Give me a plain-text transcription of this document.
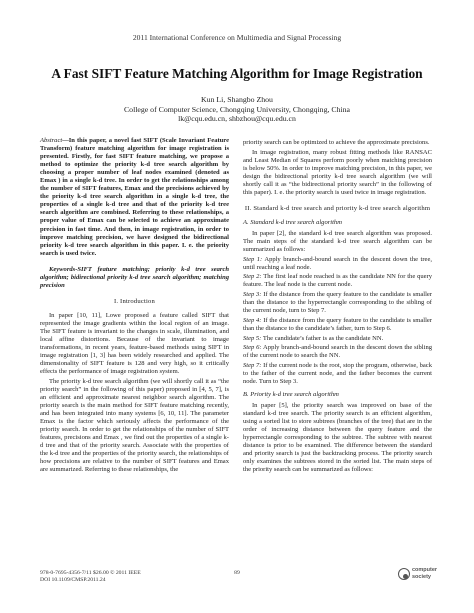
2011 International Conference on Multimedia and Signal Processing
A Fast SIFT Feature Matching Algorithm for Image Registration
Kun Li, Shangbo Zhou
College of Computer Science, Chongqing University, Chongqing, China
lk@cqu.edu.cn, shbzhou@cqu.edu.cn

Abstract—In this paper, a novel fast SIFT (Scale Invariant Feature Transform) feature matching algorithm for image registration is presented. Firstly, for fast SIFT feature matching, we propose a method to optimize the priority k-d tree search algorithm by choosing a proper number of leaf nodes examined (denoted as Emax ) in a single k-d tree. In order to get the relationships among the number of SIFT features, Emax and the precisions achieved by the priority k-d tree search algorithm in a single k-d tree, the properties of a single k-d tree and that of the priority k-d tree search algorithm are combined. Referring to these relationships, a proper value of Emax can be selected to achieve an approximate precision in fast time. And then, in image registration, in order to improve matching precision, we have designed the bidirectional priority k-d tree search algorithm in this paper. I. e. the priority search is used twice.

Keywords-SIFT feature matching; priority k-d tree search algorithm; bidirectional priority k-d tree search algorithm; matching precision

I. Introduction

In paper [10, 11], Lowe proposed a feature called SIFT that represented the image gradients within the local region of an image. The SIFT feature is invariant to the changes in scale, illumination, and local affine distortions. Because of the invariant to image transformations, in recent years, feature-based methods using SIFT in image registration [1, 3] has been widely researched and applied. The dimensionality of SIFT feature is 128 and very high, so it critically effects the performance of image registration system.

The priority k-d tree search algorithm (we will shortly call it as “the priority search” in the following of this paper) proposed in [4, 5, 7], is an efficient and approximate nearest neighbor search algorithm. The priority search is the main method for SIFT feature matching recently, and has been integrated into many systems [6, 10, 11]. The parameter Emax is the factor which seriously affects the performance of the priority search. In order to get the relationships of the number of SIFT features, precisions and Emax , we find out the properties of a single k-d tree and that of the priority search. Associate with the properties of the k-d tree and the properties of the priority search, the relationships of how precisions are relative to the number of SIFT features and Emax are summarized. Referring to these relationships, the

priority search can be optimized to achieve the approximate precisions.

In image registration, many robust fitting methods like RANSAC and Least Median of Squares perform poorly when matching precision is below 50%. In order to improve matching precision, in this paper, we design the bidirectional priority k-d tree search algorithm (we will shortly call it as “the bidirectional priority search” in the following of this paper). I. e. the priority search is used twice in image registration.

II. Standard k-d tree search and priority k-d tree search algorithm

A. Standard k-d tree search algorithm

In paper [2], the standard k-d tree search algorithm was proposed. The main steps of the standard k-d tree search algorithm can be summarized as follows:

Step 1: Apply branch-and-bound search in the descent down the tree, until reaching a leaf node.

Step 2: The first leaf node reached is as the candidate NN for the query feature. The leaf node is the current node.

Step 3: If the distance from the query feature to the candidate is smaller than the distance to the hyperrectangle corresponding to the sibling of the current node, turn to Step 7.

Step 4: If the distance from the query feature to the candidate is smaller than the distance to the candidate’s father, turn to Step 6.

Step 5: The candidate’s father is as the candidate NN.

Step 6: Apply branch-and-bound search in the descent down the sibling of the current node to search the NN.

Step 7: If the current node is the root, stop the program, otherwise, back to the father of the current node, and the father becomes the current node. Turn to Step 3.

B. Priority k-d tree search algorithm

In paper [5], the priority search was improved on base of the standard k-d tree search. The priority search is an efficient algorithm, using a sorted list to store subtrees (branches of the tree) that are in the order of increasing distance between the query feature and the hyperrectangle corresponding to the subtree. The subtree with nearest distance is prior to be examined. The difference between the standard and priority search is just the backtracking process. The priority search only examines the subtrees stored in the sorted list. The main steps of the priority search can be summarized as follows:

978-0-7695-4356-7/11 $26.00 © 2011 IEEE
DOI 10.1109/CMSP.2011.24
89	computer
society
